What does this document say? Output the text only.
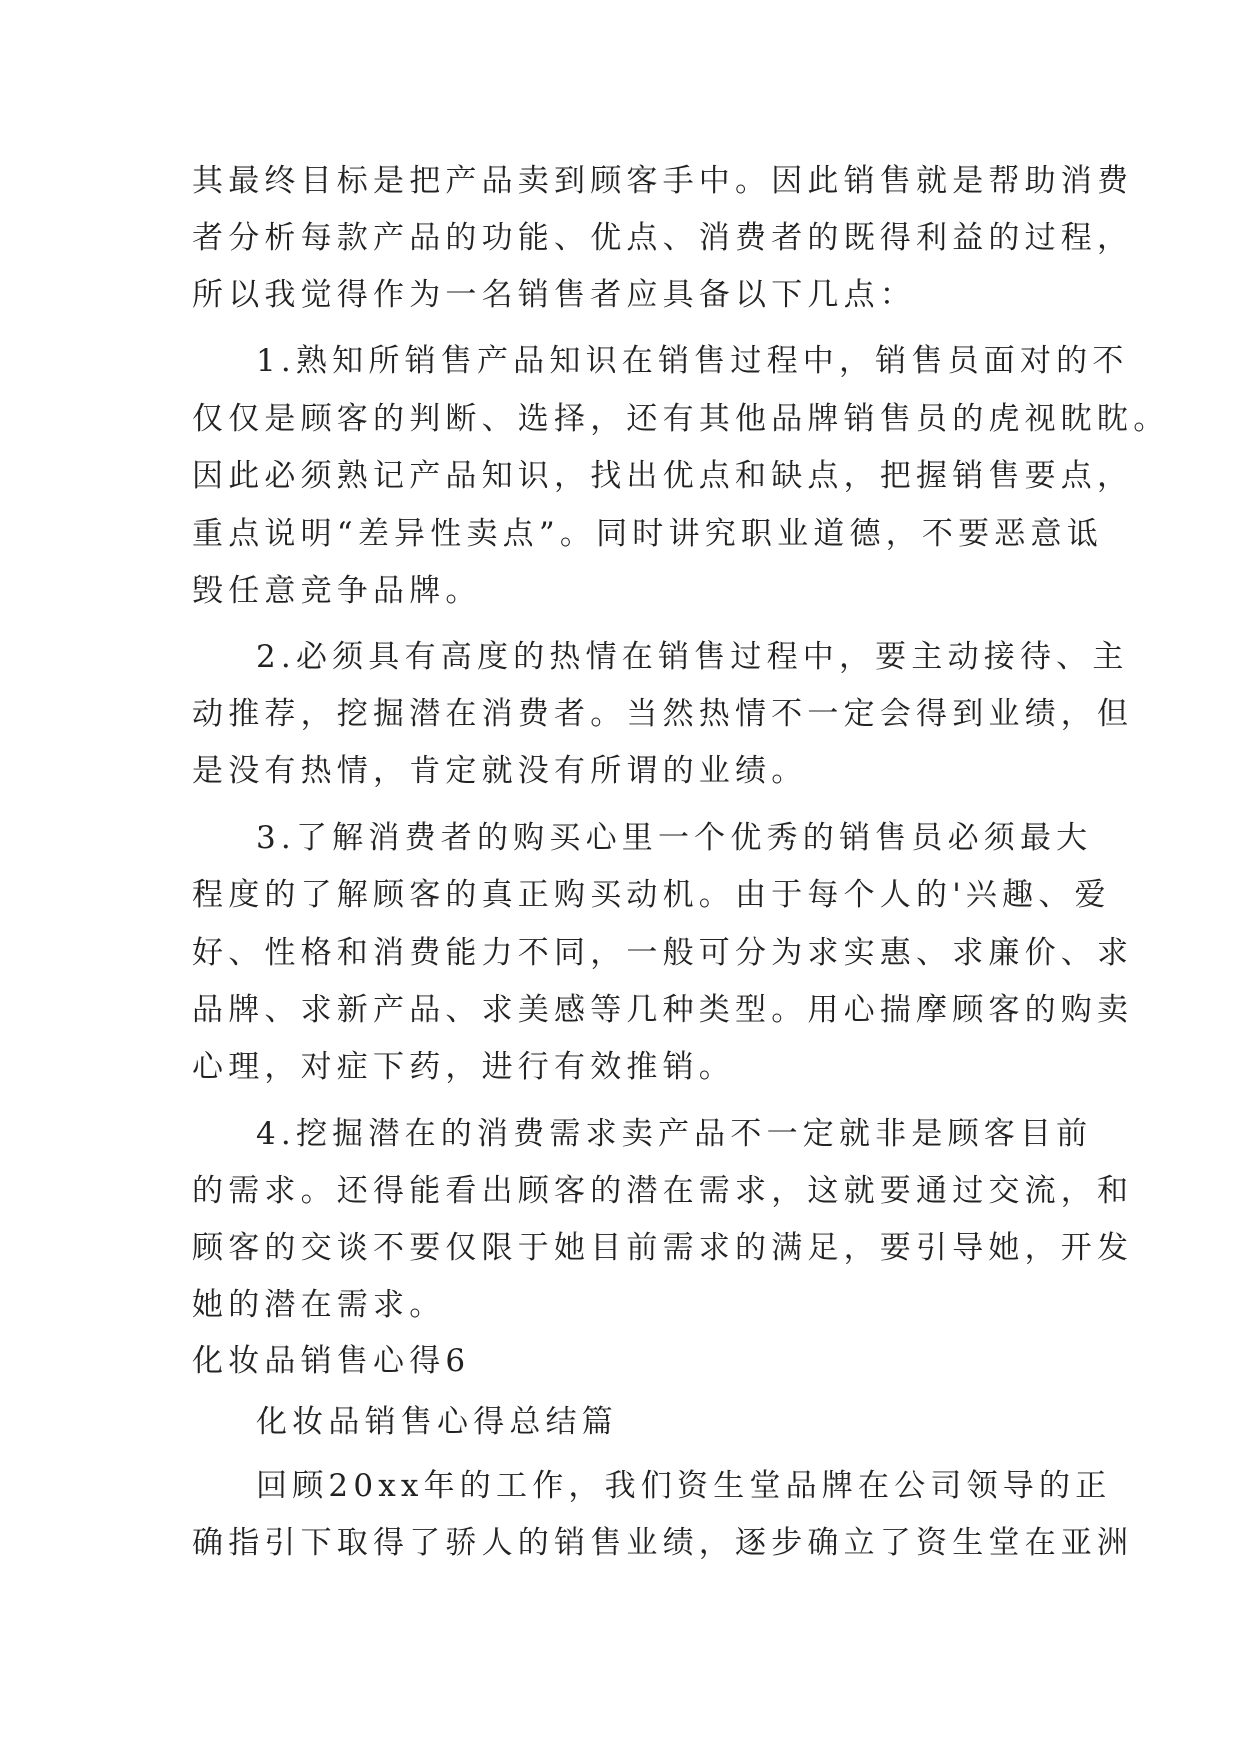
其最终目标是把产品卖到顾客手中。因此销售就是帮助消费
者分析每款产品的功能、优点、消费者的既得利益的过程，
所以我觉得作为一名销售者应具备以下几点：
1.熟知所销售产品知识在销售过程中，销售员面对的不
仅仅是顾客的判断、选择，还有其他品牌销售员的虎视眈眈。
因此必须熟记产品知识，找出优点和缺点，把握销售要点，
重点说明“差异性卖点”。同时讲究职业道德，不要恶意诋
毁任意竞争品牌。
2.必须具有高度的热情在销售过程中，要主动接待、主
动推荐，挖掘潜在消费者。当然热情不一定会得到业绩，但
是没有热情，肯定就没有所谓的业绩。
3.了解消费者的购买心里一个优秀的销售员必须最大
程度的了解顾客的真正购买动机。由于每个人的'兴趣、爱
好、性格和消费能力不同，一般可分为求实惠、求廉价、求
品牌、求新产品、求美感等几种类型。用心揣摩顾客的购卖
心理，对症下药，进行有效推销。
4.挖掘潜在的消费需求卖产品不一定就非是顾客目前
的需求。还得能看出顾客的潜在需求，这就要通过交流，和
顾客的交谈不要仅限于她目前需求的满足，要引导她，开发
她的潜在需求。
化妆品销售心得6
化妆品销售心得总结篇
回顾20xx年的工作，我们资生堂品牌在公司领导的正
确指引下取得了骄人的销售业绩，逐步确立了资生堂在亚洲
